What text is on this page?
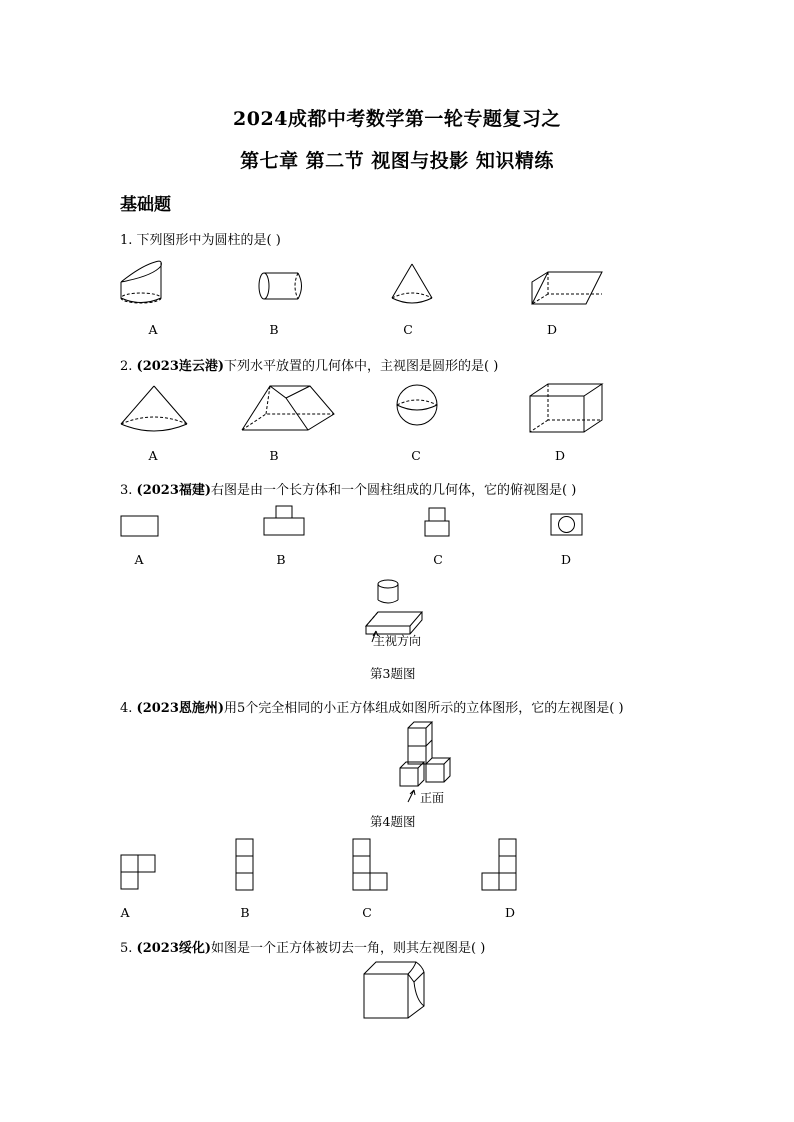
2024成都中考数学第一轮专题复习之
第七章 第二节 视图与投影 知识精练
基础题
1. 下列图形中为圆柱的是( )
A	B	C	D
2. (2023连云港)下列水平放置的几何体中，主视图是圆形的是( )
A	B	C	D
3. (2023福建)右图是由一个长方体和一个圆柱组成的几何体，它的俯视图是( )
A	B	C	D
主视方向
第3题图
4. (2023恩施州)用5个完全相同的小正方体组成如图所示的立体图形，它的左视图是( )
正面
第4题图
A	B	C	D
5. (2023绥化)如图是一个正方体被切去一角，则其左视图是( )
